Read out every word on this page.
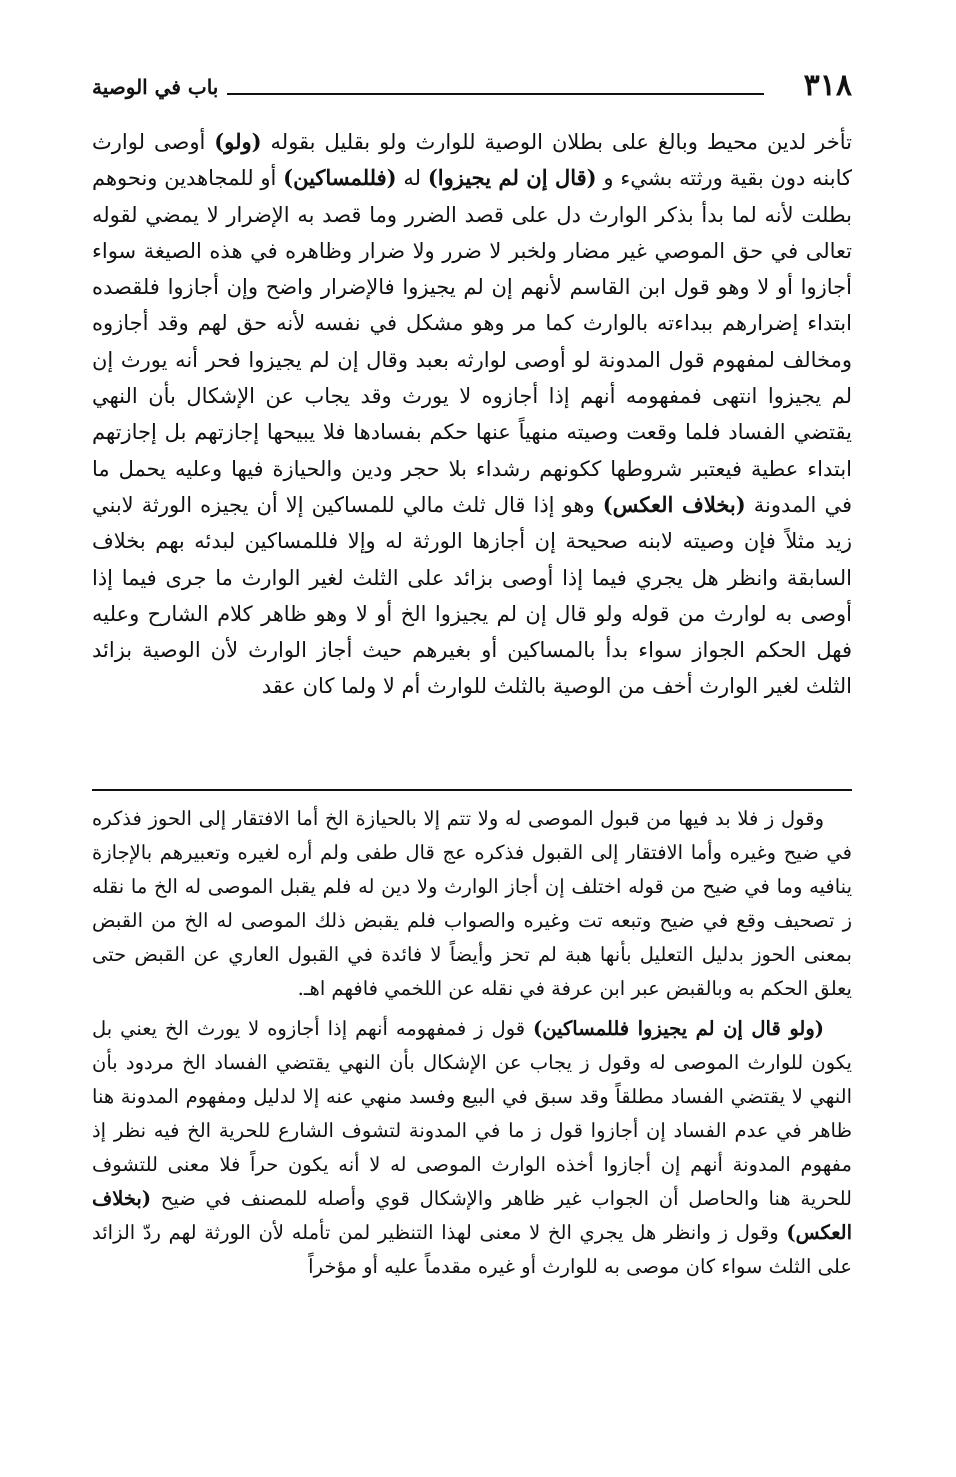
٣١٨
باب في الوصية

تأخر لدين محيط وبالغ على بطلان الوصية للوارث ولو بقليل بقوله (ولو) أوصى لوارث كابنه دون بقية ورثته بشيء و (قال إن لم يجيزوا) له (فللمساكين) أو للمجاهدين ونحوهم بطلت لأنه لما بدأ بذكر الوارث دل على قصد الضرر وما قصد به الإضرار لا يمضي لقوله تعالى في حق الموصي غير مضار ولخبر لا ضرر ولا ضرار وظاهره في هذه الصيغة سواء أجازوا أو لا وهو قول ابن القاسم لأنهم إن لم يجيزوا فالإضرار واضح وإن أجازوا فلقصده ابتداء إضرارهم ببداءته بالوارث كما مر وهو مشكل في نفسه لأنه حق لهم وقد أجازوه ومخالف لمفهوم قول المدونة لو أوصى لوارثه بعبد وقال إن لم يجيزوا فحر أنه يورث إن لم يجيزوا انتهى فمفهومه أنهم إذا أجازوه لا يورث وقد يجاب عن الإشكال بأن النهي يقتضي الفساد فلما وقعت وصيته منهياً عنها حكم بفسادها فلا يبيحها إجازتهم بل إجازتهم ابتداء عطية فيعتبر شروطها ككونهم رشداء بلا حجر ودين والحيازة فيها وعليه يحمل ما في المدونة (بخلاف العكس) وهو إذا قال ثلث مالي للمساكين إلا أن يجيزه الورثة لابني زيد مثلاً فإن وصيته لابنه صحيحة إن أجازها الورثة له وإلا فللمساكين لبدئه بهم بخلاف السابقة وانظر هل يجري فيما إذا أوصى بزائد على الثلث لغير الوارث ما جرى فيما إذا أوصى به لوارث من قوله ولو قال إن لم يجيزوا الخ أو لا وهو ظاهر كلام الشارح وعليه فهل الحكم الجواز سواء بدأ بالمساكين أو بغيرهم حيث أجاز الوارث لأن الوصية بزائد الثلث لغير الوارث أخف من الوصية بالثلث للوارث أم لا ولما كان عقد

وقول ز فلا بد فيها من قبول الموصى له ولا تتم إلا بالحيازة الخ أما الافتقار إلى الحوز فذكره في ضيح وغيره وأما الافتقار إلى القبول فذكره عج قال طفى ولم أره لغيره وتعبيرهم بالإجازة ينافيه وما في ضيح من قوله اختلف إن أجاز الوارث ولا دين له فلم يقبل الموصى له الخ ما نقله ز تصحيف وقع في ضيح وتبعه تت وغيره والصواب فلم يقبض ذلك الموصى له الخ من القبض بمعنى الحوز بدليل التعليل بأنها هبة لم تحز وأيضاً لا فائدة في القبول العاري عن القبض حتى يعلق الحكم به وبالقبض عبر ابن عرفة في نقله عن اللخمي فافهم اهـ.

(ولو قال إن لم يجيزوا فللمساكين) قول ز فمفهومه أنهم إذا أجازوه لا يورث الخ يعني بل يكون للوارث الموصى له وقول ز يجاب عن الإشكال بأن النهي يقتضي الفساد الخ مردود بأن النهي لا يقتضي الفساد مطلقاً وقد سبق في البيع وفسد منهي عنه إلا لدليل ومفهوم المدونة هنا ظاهر في عدم الفساد إن أجازوا قول ز ما في المدونة لتشوف الشارع للحرية الخ فيه نظر إذ مفهوم المدونة أنهم إن أجازوا أخذه الوارث الموصى له لا أنه يكون حراً فلا معنى للتشوف للحرية هنا والحاصل أن الجواب غير ظاهر والإشكال قوي وأصله للمصنف في ضيح (بخلاف العكس) وقول ز وانظر هل يجري الخ لا معنى لهذا التنظير لمن تأمله لأن الورثة لهم ردّ الزائد على الثلث سواء كان موصى به للوارث أو غيره مقدماً عليه أو مؤخراً
